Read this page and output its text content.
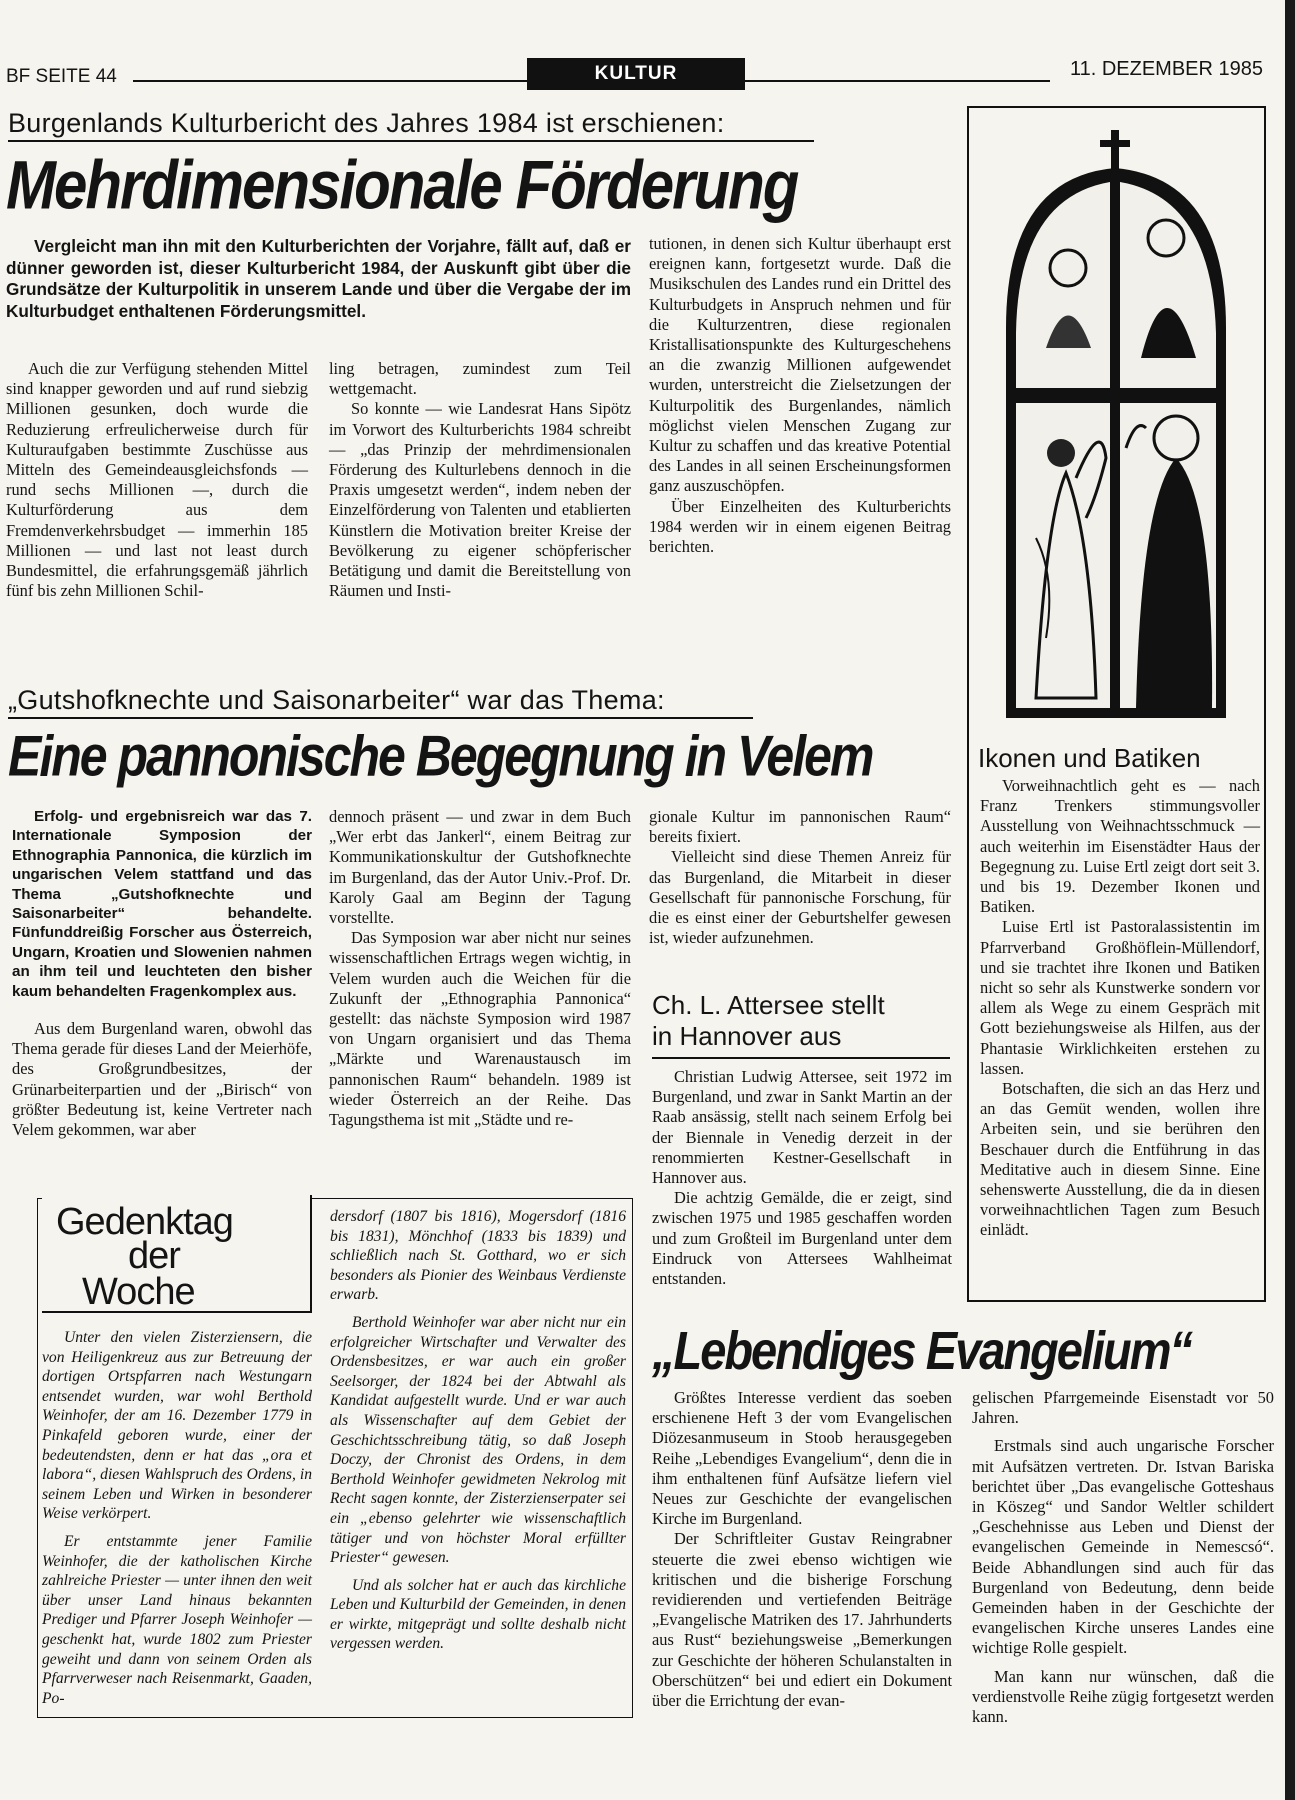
BF SEITE 44	KULTUR	11. DEZEMBER 1985
Burgenlands Kulturbericht des Jahres 1984 ist erschienen:
Mehrdimensionale Förderung
Vergleicht man ihn mit den Kulturberichten der Vorjahre, fällt auf, daß er dünner geworden ist, dieser Kulturbericht 1984, der Auskunft gibt über die Grundsätze der Kulturpolitik in unserem Lande und über die Vergabe der im Kulturbudget enthaltenen Förderungsmittel.

Auch die zur Verfügung stehenden Mittel sind knapper geworden und auf rund siebzig Millionen gesunken, doch wurde die Reduzierung erfreulicherweise durch für Kulturaufgaben bestimmte Zuschüsse aus Mitteln des Gemeindeausgleichsfonds — rund sechs Millionen —, durch die Kulturförderung aus dem Fremdenverkehrsbudget — immerhin 185 Millionen — und last not least durch Bundesmittel, die erfahrungsgemäß jährlich fünf bis zehn Millionen Schil-

ling betragen, zumindest zum Teil wettgemacht.

So konnte — wie Landesrat Hans Sipötz im Vorwort des Kulturberichts 1984 schreibt — „das Prinzip der mehrdimensionalen Förderung des Kulturlebens dennoch in die Praxis umgesetzt werden“, indem neben der Einzelförderung von Talenten und etablierten Künstlern die Motivation breiter Kreise der Bevölkerung zu eigener schöpferischer Betätigung und damit die Bereitstellung von Räumen und Insti-

tutionen, in denen sich Kultur überhaupt erst ereignen kann, fortgesetzt wurde. Daß die Musikschulen des Landes rund ein Drittel des Kulturbudgets in Anspruch nehmen und für die Kulturzentren, diese regionalen Kristallisationspunkte des Kulturgeschehens an die zwanzig Millionen aufgewendet wurden, unterstreicht die Zielsetzungen der Kulturpolitik des Burgenlandes, nämlich möglichst vielen Menschen Zugang zur Kultur zu schaffen und das kreative Potential des Landes in all seinen Erscheinungsformen ganz auszuschöpfen.

Über Einzelheiten des Kulturberichts 1984 werden wir in einem eigenen Beitrag berichten.

Ikonen und Batiken

Vorweihnachtlich geht es — nach Franz Trenkers stimmungsvoller Ausstellung von Weihnachtsschmuck — auch weiterhin im Eisenstädter Haus der Begegnung zu. Luise Ertl zeigt dort seit 3. und bis 19. Dezember Ikonen und Batiken.

Luise Ertl ist Pastoralassistentin im Pfarrverband Großhöflein-Müllendorf, und sie trachtet ihre Ikonen und Batiken nicht so sehr als Kunstwerke sondern vor allem als Wege zu einem Gespräch mit Gott beziehungsweise als Hilfen, aus der Phantasie Wirklichkeiten erstehen zu lassen.

Botschaften, die sich an das Herz und an das Gemüt wenden, wollen ihre Arbeiten sein, und sie berühren den Beschauer durch die Entführung in das Meditative auch in diesem Sinne. Eine sehenswerte Ausstellung, die da in diesen vorweihnachtlichen Tagen zum Besuch einlädt.

„Gutshofknechte und Saisonarbeiter“ war das Thema:
Eine pannonische Begegnung in Velem

Erfolg- und ergebnisreich war das 7. Internationale Symposion der Ethnographia Pannonica, die kürzlich im ungarischen Velem stattfand und das Thema „Gutshofknechte und Saisonarbeiter“ behandelte. Fünfunddreißig Forscher aus Österreich, Ungarn, Kroatien und Slowenien nahmen an ihm teil und leuchteten den bisher kaum behandelten Fragenkomplex aus.

Aus dem Burgenland waren, obwohl das Thema gerade für dieses Land der Meierhöfe, des Großgrundbesitzes, der Grünarbeiterpartien und der „Birisch“ von größter Bedeutung ist, keine Vertreter nach Velem gekommen, war aber

dennoch präsent — und zwar in dem Buch „Wer erbt das Jankerl“, einem Beitrag zur Kommunikationskultur der Gutshofknechte im Burgenland, das der Autor Univ.-Prof. Dr. Karoly Gaal am Beginn der Tagung vorstellte.

Das Symposion war aber nicht nur seines wissenschaftlichen Ertrags wegen wichtig, in Velem wurden auch die Weichen für die Zukunft der „Ethnographia Pannonica“ gestellt: das nächste Symposion wird 1987 von Ungarn organisiert und das Thema „Märkte und Warenaustausch im pannonischen Raum“ behandeln. 1989 ist wieder Österreich an der Reihe. Das Tagungsthema ist mit „Städte und re-

gionale Kultur im pannonischen Raum“ bereits fixiert.

Vielleicht sind diese Themen Anreiz für das Burgenland, die Mitarbeit in dieser Gesellschaft für pannonische Forschung, für die es einst einer der Geburtshelfer gewesen ist, wieder aufzunehmen.

Ch. L. Attersee stellt
in Hannover aus

Christian Ludwig Attersee, seit 1972 im Burgenland, und zwar in Sankt Martin an der Raab ansässig, stellt nach seinem Erfolg bei der Biennale in Venedig derzeit in der renommierten Kestner-Gesellschaft in Hannover aus.

Die achtzig Gemälde, die er zeigt, sind zwischen 1975 und 1985 geschaffen worden und zum Großteil im Burgenland unter dem Eindruck von Attersees Wahlheimat entstanden.

Gedenktag
der
Woche

Unter den vielen Zisterziensern, die von Heiligenkreuz aus zur Betreuung der dortigen Ortspfarren nach Westungarn entsendet wurden, war wohl Berthold Weinhofer, der am 16. Dezember 1779 in Pinkafeld geboren wurde, einer der bedeutendsten, denn er hat das „ora et labora“, diesen Wahlspruch des Ordens, in seinem Leben und Wirken in besonderer Weise verkörpert.

Er entstammte jener Familie Weinhofer, die der katholischen Kirche zahlreiche Priester — unter ihnen den weit über unser Land hinaus bekannten Prediger und Pfarrer Joseph Weinhofer — geschenkt hat, wurde 1802 zum Priester geweiht und dann von seinem Orden als Pfarrverweser nach Reisenmarkt, Gaaden, Po-

dersdorf (1807 bis 1816), Mogersdorf (1816 bis 1831), Mönchhof (1833 bis 1839) und schließlich nach St. Gotthard, wo er sich besonders als Pionier des Weinbaus Verdienste erwarb.

Berthold Weinhofer war aber nicht nur ein erfolgreicher Wirtschafter und Verwalter des Ordensbesitzes, er war auch ein großer Seelsorger, der 1824 bei der Abtwahl als Kandidat aufgestellt wurde. Und er war auch als Wissenschafter auf dem Gebiet der Geschichtsschreibung tätig, so daß Joseph Doczy, der Chronist des Ordens, in dem Berthold Weinhofer gewidmeten Nekrolog mit Recht sagen konnte, der Zisterzienserpater sei ein „ebenso gelehrter wie wissenschaftlich tätiger und von höchster Moral erfüllter Priester“ gewesen.

Und als solcher hat er auch das kirchliche Leben und Kulturbild der Gemeinden, in denen er wirkte, mitgeprägt und sollte deshalb nicht vergessen werden.

„Lebendiges Evangelium“

Größtes Interesse verdient das soeben erschienene Heft 3 der vom Evangelischen Diözesanmuseum in Stoob herausgegeben Reihe „Lebendiges Evangelium“, denn die in ihm enthaltenen fünf Aufsätze liefern viel Neues zur Geschichte der evangelischen Kirche im Burgenland.

Der Schriftleiter Gustav Reingrabner steuerte die zwei ebenso wichtigen wie kritischen und die bisherige Forschung revidierenden und vertiefenden Beiträge „Evangelische Matriken des 17. Jahrhunderts aus Rust“ beziehungsweise „Bemerkungen zur Geschichte der höheren Schulanstalten in Oberschützen“ bei und ediert ein Dokument über die Errichtung der evan-

gelischen Pfarrgemeinde Eisenstadt vor 50 Jahren.

Erstmals sind auch ungarische Forscher mit Aufsätzen vertreten. Dr. Istvan Bariska berichtet über „Das evangelische Gotteshaus in Köszeg“ und Sandor Weltler schildert „Geschehnisse aus Leben und Dienst der evangelischen Gemeinde in Nemescsó“. Beide Abhandlungen sind auch für das Burgenland von Bedeutung, denn beide Gemeinden haben in der Geschichte der evangelischen Kirche unseres Landes eine wichtige Rolle gespielt.

Man kann nur wünschen, daß die verdienstvolle Reihe zügig fortgesetzt werden kann.
